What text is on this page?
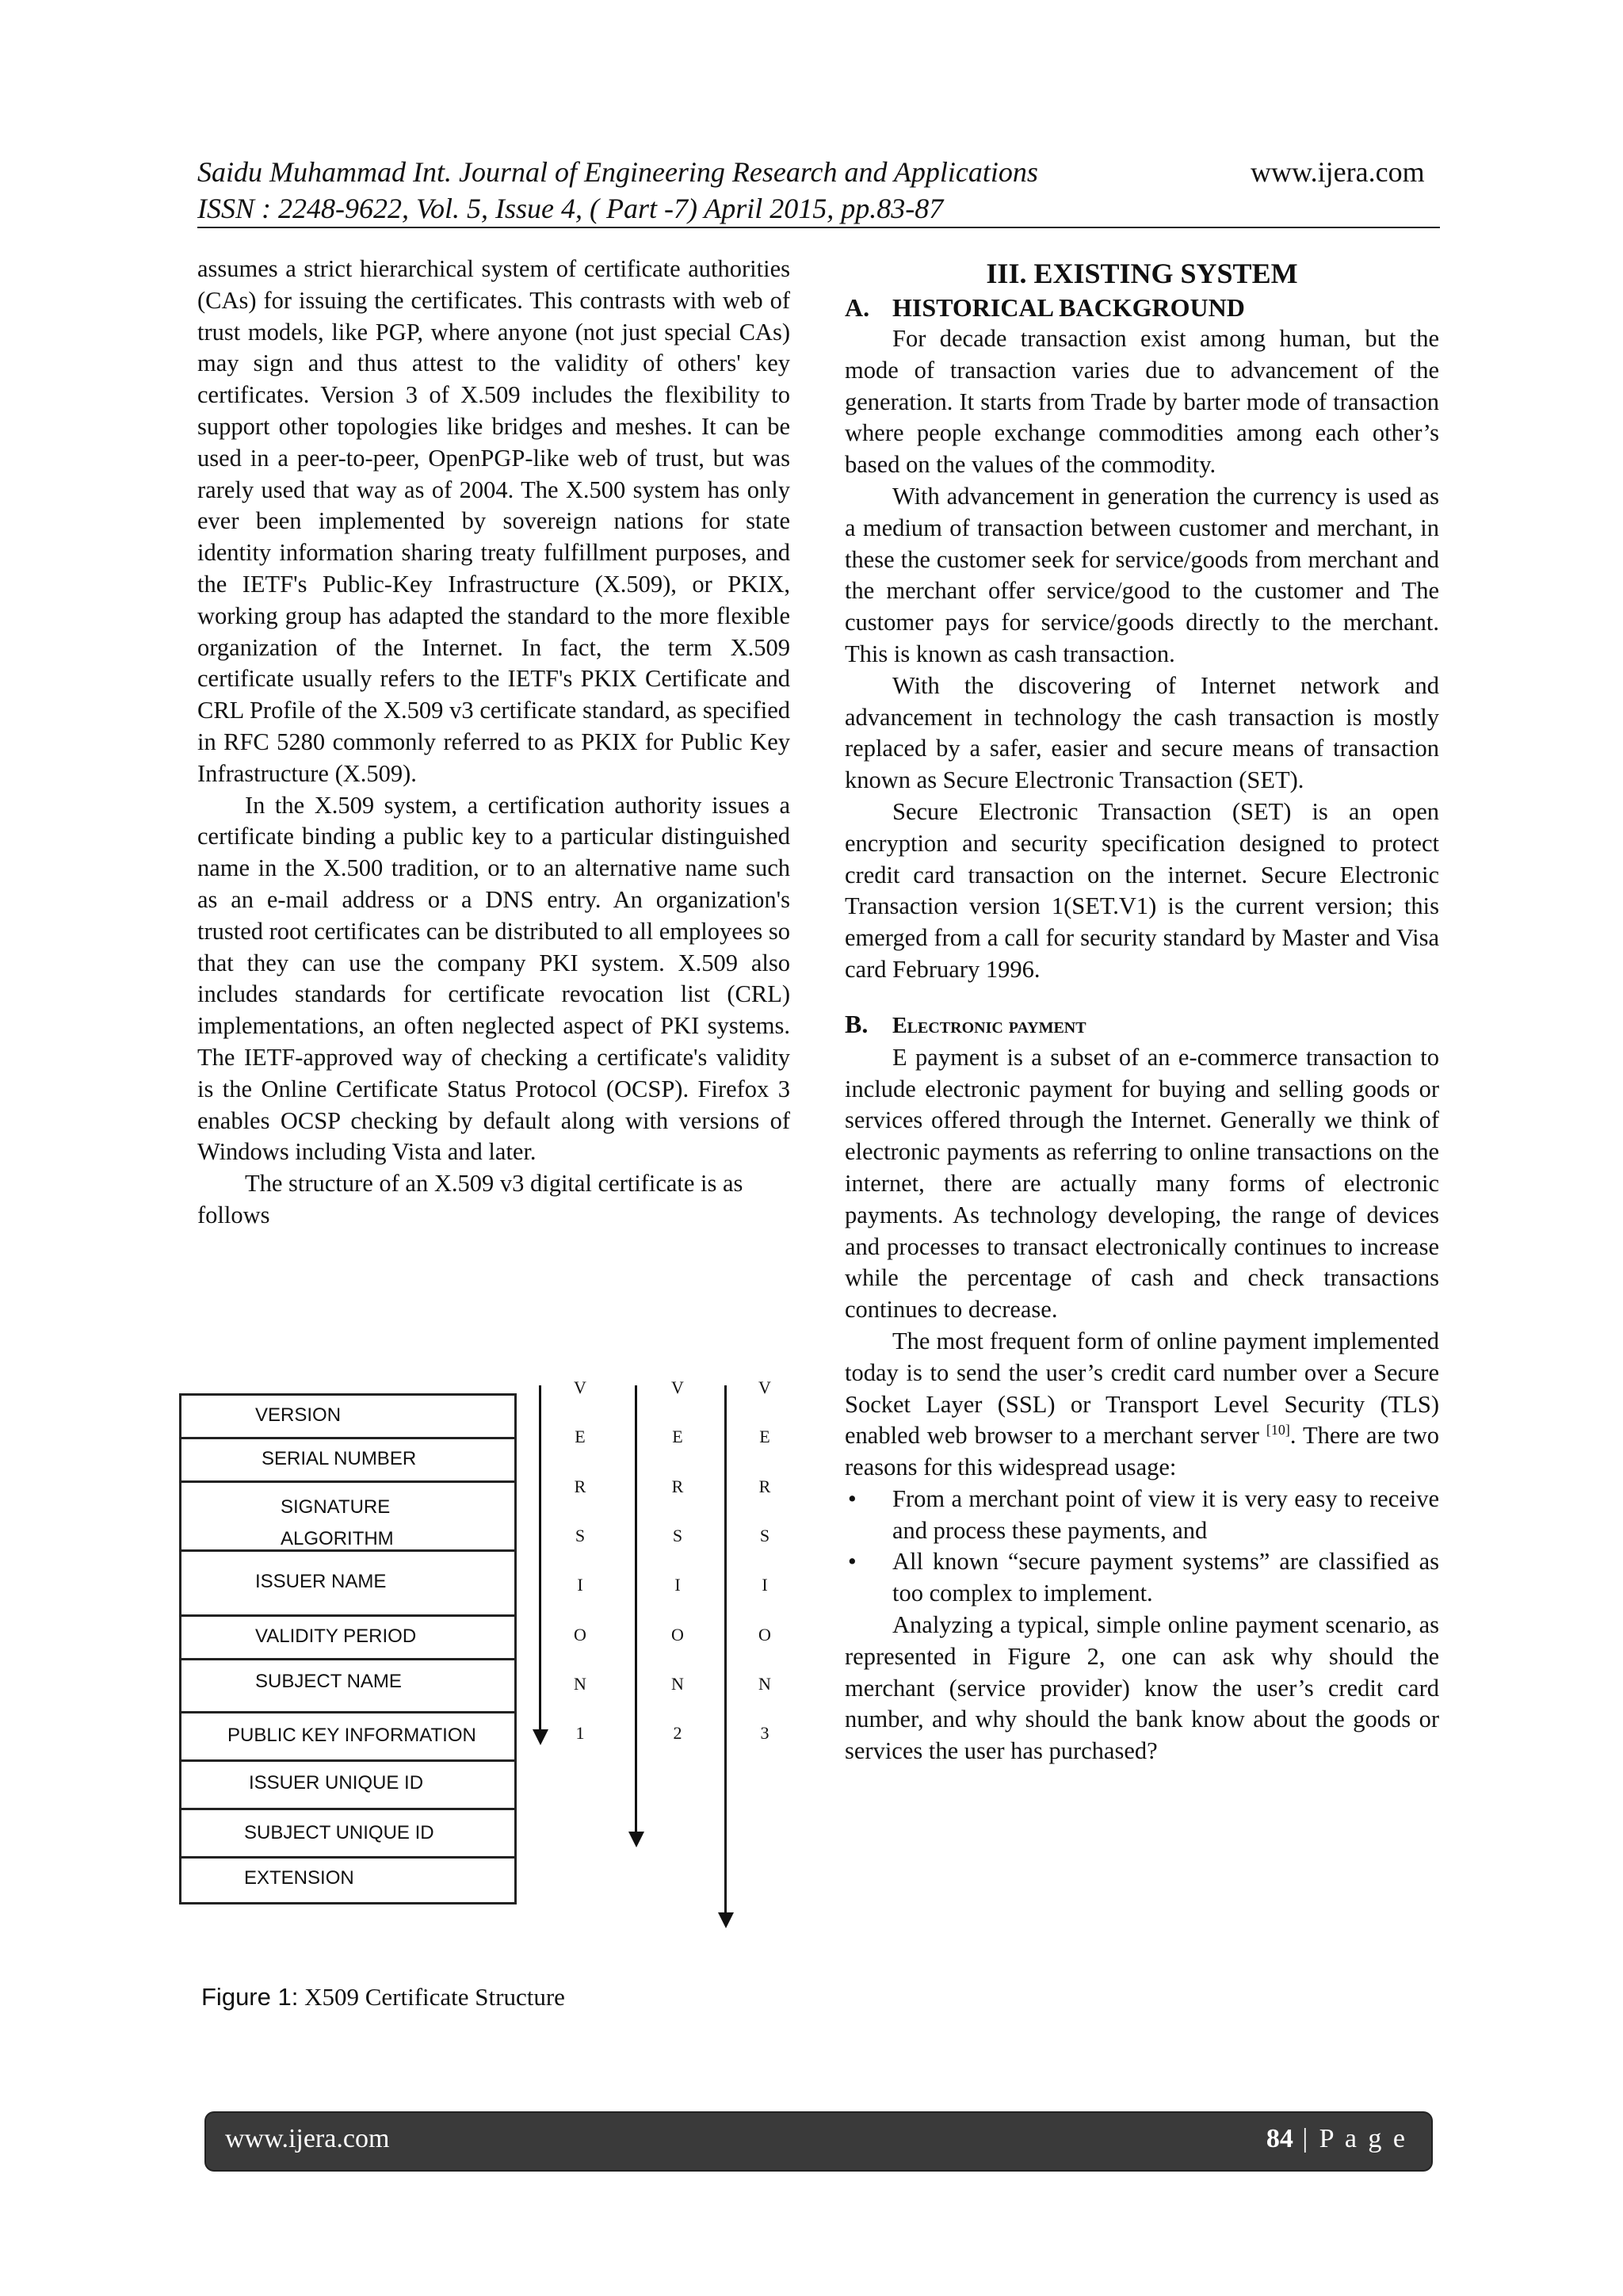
Saidu Muhammad Int. Journal of Engineering Research and Applications	www.ijera.com
ISSN : 2248-9622, Vol. 5, Issue 4, ( Part -7) April 2015, pp.83-87

assumes a strict hierarchical system of certificate authorities (CAs) for issuing the certificates. This contrasts with web of trust models, like PGP, where anyone (not just special CAs) may sign and thus attest to the validity of others' key certificates. Version 3 of X.509 includes the flexibility to support other topologies like bridges and meshes. It can be used in a peer-to-peer, OpenPGP-like web of trust, but was rarely used that way as of 2004. The X.500 system has only ever been implemented by sovereign nations for state identity information sharing treaty fulfillment purposes, and the IETF's Public-Key Infrastructure (X.509), or PKIX, working group has adapted the standard to the more flexible organization of the Internet. In fact, the term X.509 certificate usually refers to the IETF's PKIX Certificate and CRL Profile of the X.509 v3 certificate standard, as specified in RFC 5280 commonly referred to as PKIX for Public Key Infrastructure (X.509).

In the X.509 system, a certification authority issues a certificate binding a public key to a particular distinguished name in the X.500 tradition, or to an alternative name such as an e-mail address or a DNS entry. An organization's trusted root certificates can be distributed to all employees so that they can use the company PKI system. X.509 also includes standards for certificate revocation list (CRL) implementations, an often neglected aspect of PKI systems. The IETF-approved way of checking a certificate's validity is the Online Certificate Status Protocol (OCSP). Firefox 3 enables OCSP checking by default along with versions of Windows including Vista and later.

The structure of an X.509 v3 digital certificate is as follows

VERSION
SERIAL NUMBER
SIGNATURE
ALGORITHM
ISSUER NAME
VALIDITY PERIOD
SUBJECT NAME
PUBLIC KEY INFORMATION
ISSUER UNIQUE ID
SUBJECT UNIQUE ID
EXTENSION
V
E
R
S
I
O
N
1
V
E
R
S
I
O
N
2
V
E
R
S
I
O
N
3
Figure 1: X509 Certificate Structure

III. EXISTING SYSTEM

A. HISTORICAL BACKGROUND

For decade transaction exist among human, but the mode of transaction varies due to advancement of the generation. It starts from Trade by barter mode of transaction where people exchange commodities among each other’s based on the values of the commodity.

With advancement in generation the currency is used as a medium of transaction between customer and merchant, in these the customer seek for service/goods from merchant and the merchant offer service/good to the customer and The customer pays for service/goods directly to the merchant. This is known as cash transaction.

With the discovering of Internet network and advancement in technology the cash transaction is mostly replaced by a safer, easier and secure means of transaction known as Secure Electronic Transaction (SET).

Secure Electronic Transaction (SET) is an open encryption and security specification designed to protect credit card transaction on the internet. Secure Electronic Transaction version 1(SET.V1) is the current version; this emerged from a call for security standard by Master and Visa card February 1996.

B. Electronic payment

E payment is a subset of an e-commerce transaction to include electronic payment for buying and selling goods or services offered through the Internet. Generally we think of electronic payments as referring to online transactions on the internet, there are actually many forms of electronic payments. As technology developing, the range of devices and processes to transact electronically continues to increase while the percentage of cash and check transactions continues to decrease.

The most frequent form of online payment implemented today is to send the user’s credit card number over a Secure Socket Layer (SSL) or Transport Level Security (TLS) enabled web browser to a merchant server [10]. There are two reasons for this widespread usage:

• From a merchant point of view it is very easy to receive and process these payments, and
• All known “secure payment systems” are classified as too complex to implement.

Analyzing a typical, simple online payment scenario, as represented in Figure 2, one can ask why should the merchant (service provider) know the user’s credit card number, and why should the bank know about the goods or services the user has purchased?

www.ijera.com	84 | P a g e
